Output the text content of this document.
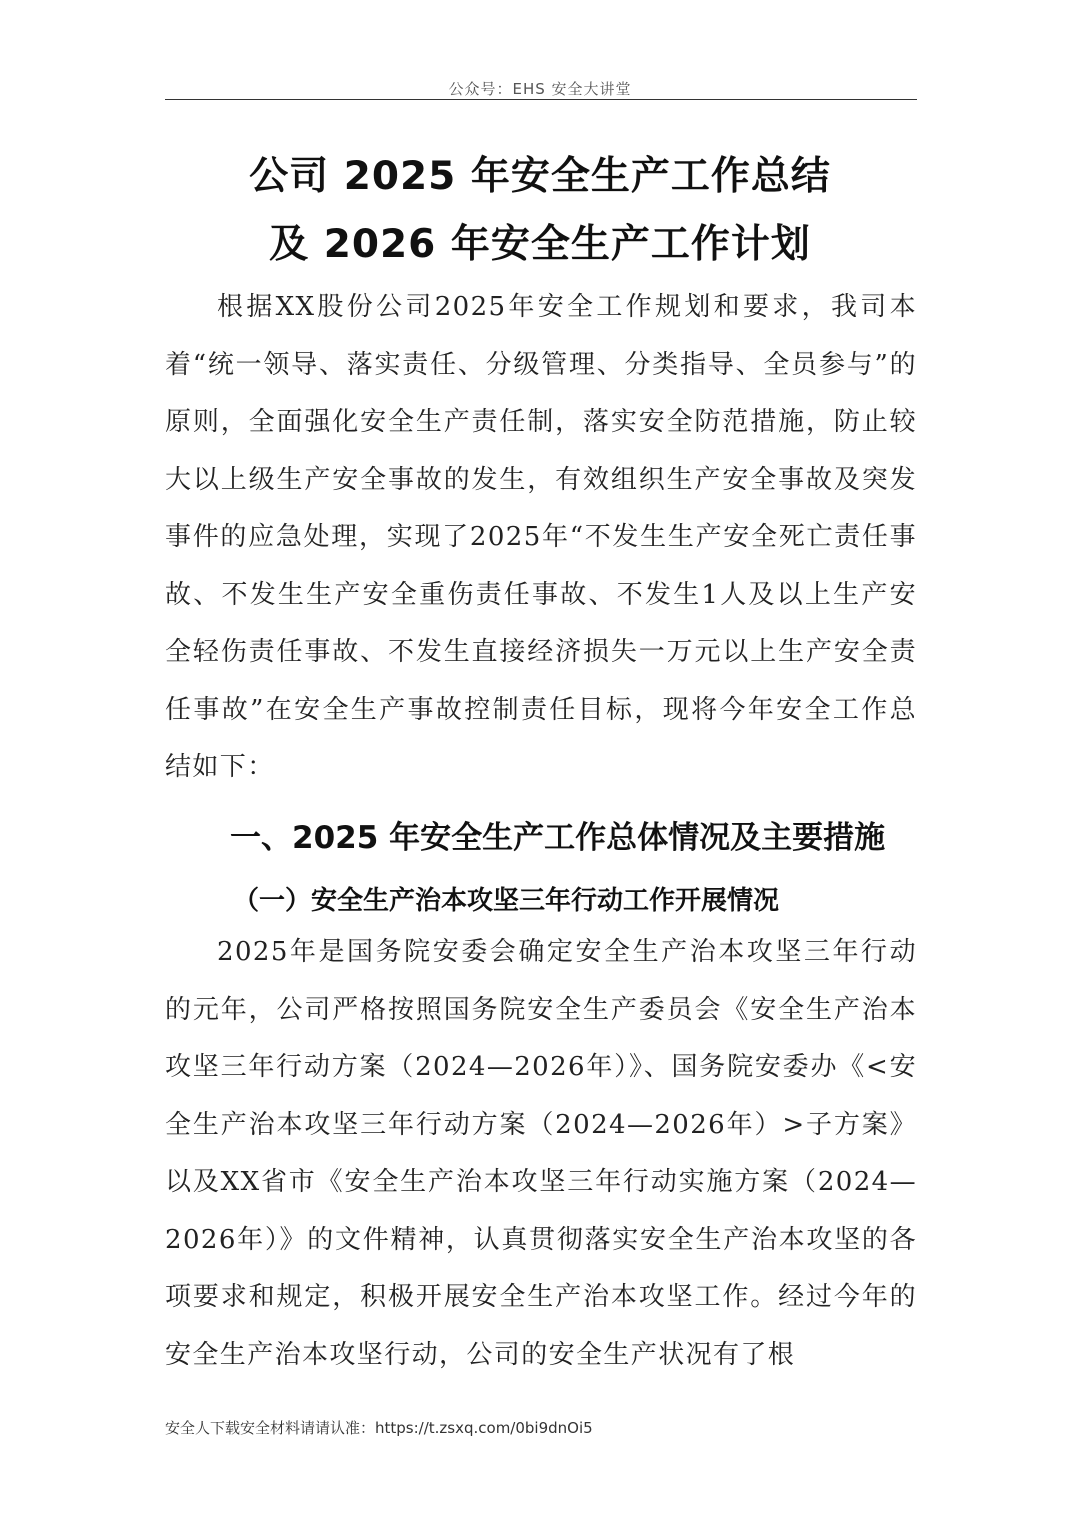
公众号：EHS 安全大讲堂
公司 2025 年安全生产工作总结
及 2026 年安全生产工作计划

根据XX股份公司2025年安全工作规划和要求，我司本着“统一领导、落实责任、分级管理、分类指导、全员参与”的原则，全面强化安全生产责任制，落实安全防范措施，防止较大以上级生产安全事故的发生，有效组织生产安全事故及突发事件的应急处理，实现了2025年“不发生生产安全死亡责任事故、不发生生产安全重伤责任事故、不发生1人及以上生产安全轻伤责任事故、不发生直接经济损失一万元以上生产安全责任事故”在安全生产事故控制责任目标，现将今年安全工作总结如下：

一、2025 年安全生产工作总体情况及主要措施
（一）安全生产治本攻坚三年行动工作开展情况

2025年是国务院安委会确定安全生产治本攻坚三年行动的元年，公司严格按照国务院安全生产委员会《安全生产治本攻坚三年行动方案（2024—2026年）》、国务院安委办《<安全生产治本攻坚三年行动方案（2024—2026年）>子方案》以及XX省市《安全生产治本攻坚三年行动实施方案（2024—2026年）》的文件精神，认真贯彻落实安全生产治本攻坚的各项要求和规定，积极开展安全生产治本攻坚工作。经过今年的安全生产治本攻坚行动，公司的安全生产状况有了根

安全人下载安全材料请请认准：https://t.zsxq.com/0bi9dnOi5
